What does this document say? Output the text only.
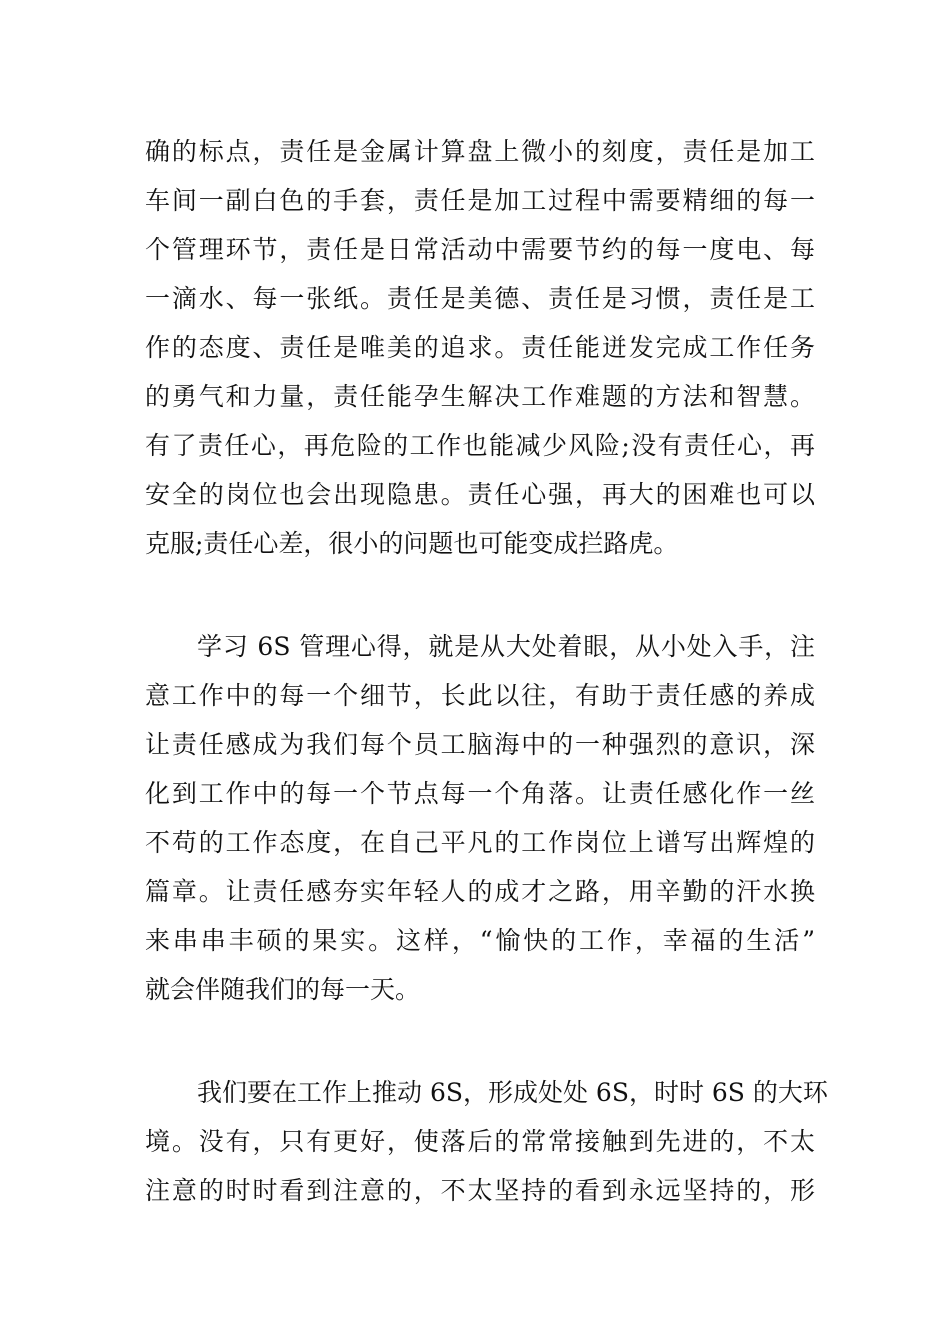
确的标点，责任是金属计算盘上微小的刻度，责任是加工
车间一副白色的手套，责任是加工过程中需要精细的每一
个管理环节，责任是日常活动中需要节约的每一度电、每
一滴水、每一张纸。责任是美德、责任是习惯，责任是工
作的态度、责任是唯美的追求。责任能迸发完成工作任务
的勇气和力量，责任能孕生解决工作难题的方法和智慧。
有了责任心，再危险的工作也能减少风险;没有责任心，再
安全的岗位也会出现隐患。责任心强，再大的困难也可以
克服;责任心差，很小的问题也可能变成拦路虎。
学习 6S 管理心得，就是从大处着眼，从小处入手，注
意工作中的每一个细节，长此以往，有助于责任感的养成
让责任感成为我们每个员工脑海中的一种强烈的意识，深
化到工作中的每一个节点每一个角落。让责任感化作一丝
不苟的工作态度，在自己平凡的工作岗位上谱写出辉煌的
篇章。让责任感夯实年轻人的成才之路，用辛勤的汗水换
来串串丰硕的果实。这样，“愉快的工作，幸福的生活”
就会伴随我们的每一天。
我们要在工作上推动 6S，形成处处 6S，时时 6S 的大环
境。没有，只有更好，使落后的常常接触到先进的，不太
注意的时时看到注意的，不太坚持的看到永远坚持的，形
